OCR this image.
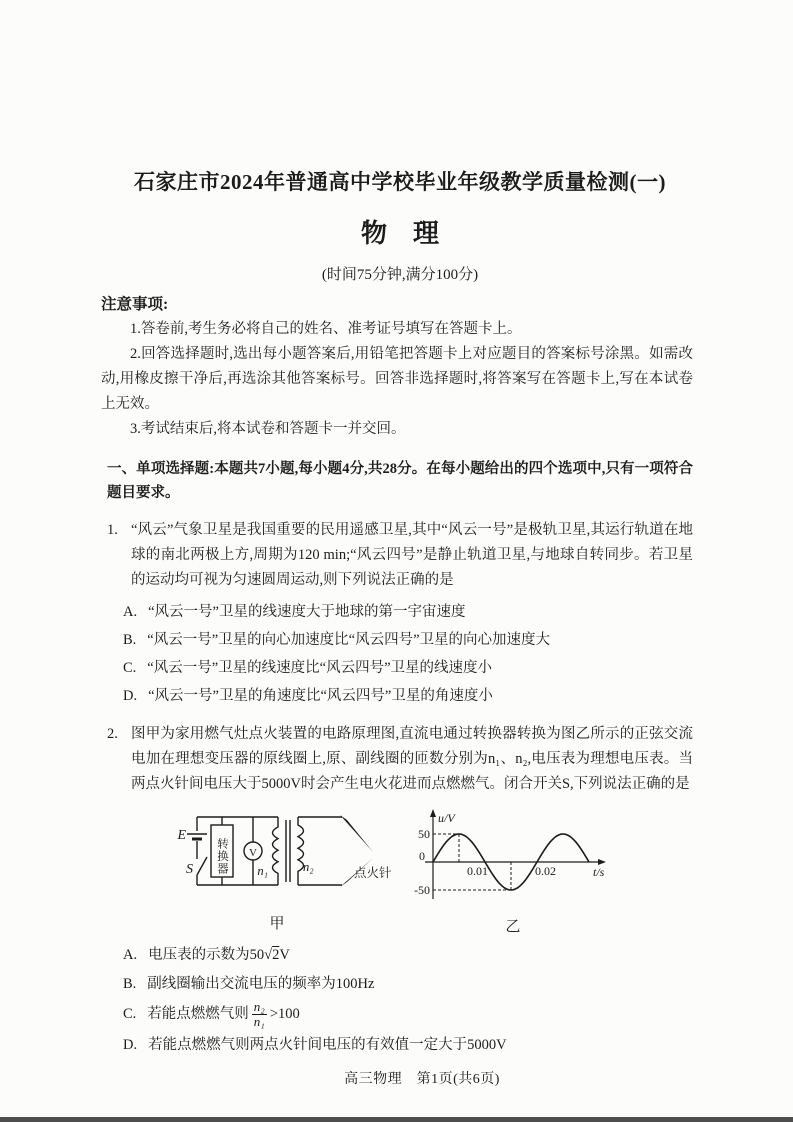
石家庄市2024年普通高中学校毕业年级教学质量检测(一)
物　理
(时间75分钟,满分100分)
注意事项:

1.答卷前,考生务必将自己的姓名、准考证号填写在答题卡上。

2.回答选择题时,选出每小题答案后,用铅笔把答题卡上对应题目的答案标号涂黑。如需改动,用橡皮擦干净后,再选涂其他答案标号。回答非选择题时,将答案写在答题卡上,写在本试卷上无效。

3.考试结束后,将本试卷和答题卡一并交回。

一、单项选择题:本题共7小题,每小题4分,共28分。在每小题给出的四个选项中,只有一项符合题目要求。
1. “风云”气象卫星是我国重要的民用遥感卫星,其中“风云一号”是极轨卫星,其运行轨道在地球的南北两极上方,周期为120 min;“风云四号”是静止轨道卫星,与地球自转同步。若卫星的运动均可视为匀速圆周运动,则下列说法正确的是
A. “风云一号”卫星的线速度大于地球的第一宇宙速度
B. “风云一号”卫星的向心加速度比“风云四号”卫星的向心加速度大
C. “风云一号”卫星的线速度比“风云四号”卫星的线速度小
D. “风云一号”卫星的角速度比“风云四号”卫星的角速度小
2. 图甲为家用燃气灶点火装置的电路原理图,直流电通过转换器转换为图乙所示的正弦交流电加在理想变压器的原线圈上,原、副线圈的匝数分别为n₁、n₂,电压表为理想电压表。当两点火针间电压大于5000V时会产生电火花进而点燃燃气。闭合开关S,下列说法正确的是
E
S 转换器 V
n₁	n₂	点火针
甲
u/V
50
0
-50
0.01	0.02	t/s
乙
A. 电压表的示数为50√2V
B. 副线圈输出交流电压的频率为100Hz
C. 若能点燃燃气则 $\frac{\text{n₂}}{\text{n₁}} >100$
D. 若能点燃燃气则两点火针间电压的有效值一定大于5000V
高三物理　第1页(共6页)
